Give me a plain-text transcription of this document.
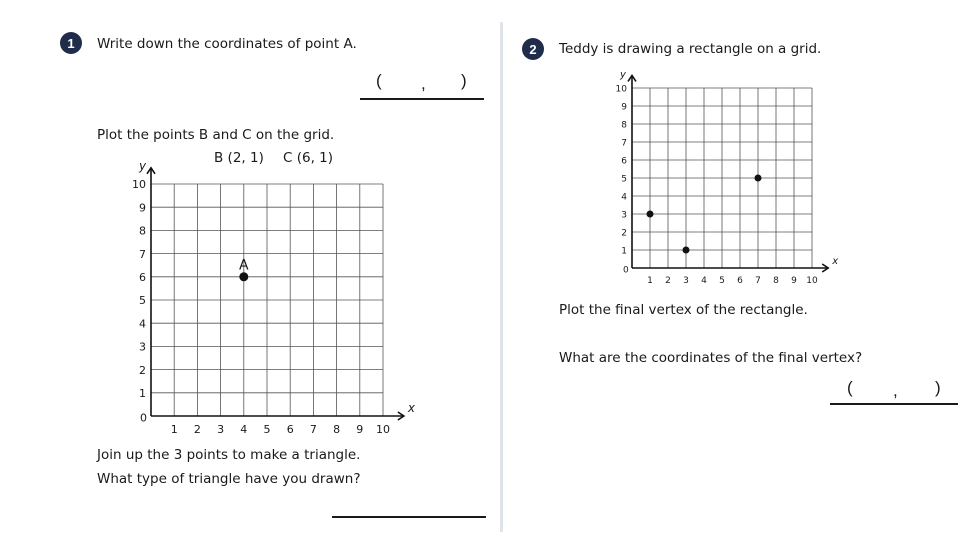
1 Write down the coordinates of point A.
( , )
Plot the points B and C on the grid.
B (2, 1) C (6, 1)
x
y
0
1 2 3 4 5 6 7 8 9 10
1
2
3
4
5
6
7
8
9
10
A
Join up the 3 points to make a triangle.
What type of triangle have you drawn?
2 Teddy is drawing a rectangle on a grid.
x
y
0
1 2 3 4 5 6 7 8 9 10
1
2
3
4
5
6
7
8
9
10
Plot the final vertex of the rectangle.
What are the coordinates of the final vertex?
( , )
